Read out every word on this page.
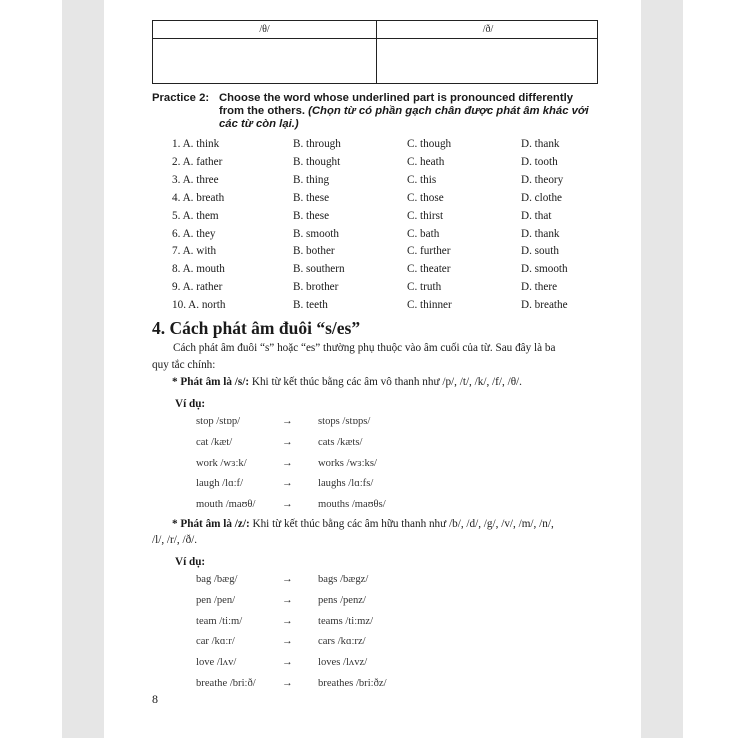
/θ/	/ð/
Practice 2: Choose the word whose underlined part is pronounced differently from the others. (Chọn từ có phần gạch chân được phát âm khác với các từ còn lại.)
1. A. think	B. through	C. though	D. thank
2. A. father	B. thought	C. heath	D. tooth
3. A. three	B. thing	C. this	D. theory
4. A. breath	B. these	C. those	D. clothe
5. A. them	B. these	C. thirst	D. that
6. A. they	B. smooth	C. bath	D. thank
7. A. with	B. bother	C. further	D. south
8. A. mouth	B. southern	C. theater	D. smooth
9. A. rather	B. brother	C. truth	D. there
10. A. north	B. teeth	C. thinner	D. breathe
4. Cách phát âm đuôi “s/es”
Cách phát âm đuôi “s” hoặc “es” thường phụ thuộc vào âm cuối của từ. Sau đây là ba
quy tắc chính:
* Phát âm là /s/: Khi từ kết thúc bằng các âm vô thanh như /p/, /t/, /k/, /f/, /θ/.
Ví dụ:
stop /stɒp/	→ stops /stɒps/
cat /kæt/	→ cats /kæts/
work /wɜːk/	→ works /wɜːks/
laugh /lɑːf/	→ laughs /lɑːfs/
mouth /maʊθ/	→ mouths /maʊθs/
* Phát âm là /z/: Khi từ kết thúc bằng các âm hữu thanh như /b/, /d/, /g/, /v/, /m/, /n/,
/l/, /r/, /ð/.
Ví dụ:
bag /bæg/	→ bags /bægz/
pen /pen/	→ pens /penz/
team /tiːm/	→ teams /tiːmz/
car /kɑːr/	→ cars /kɑːrz/
love /lʌv/	→ loves /lʌvz/
breathe /briːð/ → breathes /briːðz/
8
